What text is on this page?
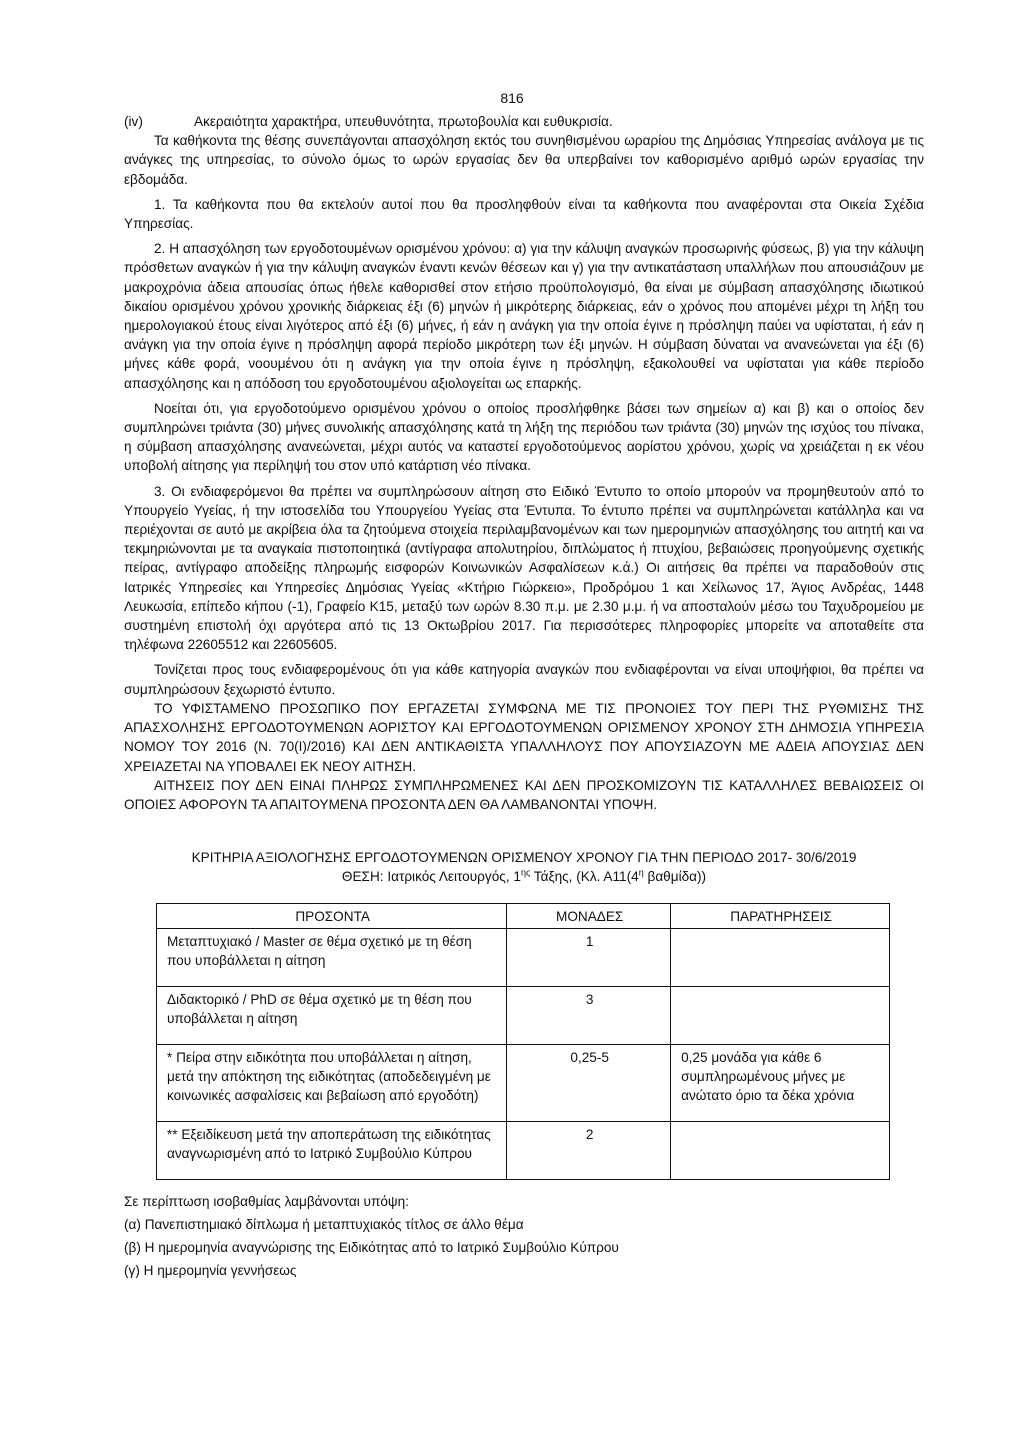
816
(iv)	Ακεραιότητα χαρακτήρα, υπευθυνότητα, πρωτοβουλία και ευθυκρισία.

Τα καθήκοντα της θέσης συνεπάγονται απασχόληση εκτός του συνηθισμένου ωραρίου της Δημόσιας Υπηρεσίας ανάλογα με τις ανάγκες της υπηρεσίας, το σύνολο όμως το ωρών εργασίας δεν θα υπερβαίνει τον καθορισμένο αριθμό ωρών εργασίας την εβδομάδα.

1. Τα καθήκοντα που θα εκτελούν αυτοί που θα προσληφθούν είναι τα καθήκοντα που αναφέρονται στα Οικεία Σχέδια Υπηρεσίας.

2. Η απασχόληση των εργοδοτουμένων ορισμένου χρόνου: α) για την κάλυψη αναγκών προσωρινής φύσεως, β) για την κάλυψη πρόσθετων αναγκών ή για την κάλυψη αναγκών έναντι κενών θέσεων και γ) για την αντικατάσταση υπαλλήλων που απουσιάζουν με μακροχρόνια άδεια απουσίας όπως ήθελε καθορισθεί στον ετήσιο προϋπολογισμό, θα είναι με σύμβαση απασχόλησης ιδιωτικού δικαίου ορισμένου χρόνου χρονικής διάρκειας έξι (6) μηνών ή μικρότερης διάρκειας, εάν ο χρόνος που απομένει μέχρι τη λήξη του ημερολογιακού έτους είναι λιγότερος από έξι (6) μήνες, ή εάν η ανάγκη για την οποία έγινε η πρόσληψη παύει να υφίσταται, ή εάν η ανάγκη για την οποία έγινε η πρόσληψη αφορά περίοδο μικρότερη των έξι μηνών. Η σύμβαση δύναται να ανανεώνεται για έξι (6) μήνες κάθε φορά, νοουμένου ότι η ανάγκη για την οποία έγινε η πρόσληψη, εξακολουθεί να υφίσταται για κάθε περίοδο απασχόλησης και η απόδοση του εργοδοτουμένου αξιολογείται ως επαρκής.

Νοείται ότι, για εργοδοτούμενο ορισμένου χρόνου ο οποίος προσλήφθηκε βάσει των σημείων α) και β) και ο οποίος δεν συμπληρώνει τριάντα (30) μήνες συνολικής απασχόλησης κατά τη λήξη της περιόδου των τριάντα (30) μηνών της ισχύος του πίνακα, η σύμβαση απασχόλησης ανανεώνεται, μέχρι αυτός να καταστεί εργοδοτούμενος αορίστου χρόνου, χωρίς να χρειάζεται η εκ νέου υποβολή αίτησης για περίληψή του στον υπό κατάρτιση νέο πίνακα.

3. Οι ενδιαφερόμενοι θα πρέπει να συμπληρώσουν αίτηση στο Ειδικό Έντυπο το οποίο μπορούν να προμηθευτούν από το Υπουργείο Υγείας, ή την ιστοσελίδα του Υπουργείου Υγείας στα Έντυπα. Το έντυπο πρέπει να συμπληρώνεται κατάλληλα και να περιέχονται σε αυτό με ακρίβεια όλα τα ζητούμενα στοιχεία περιλαμβανομένων και των ημερομηνιών απασχόλησης του αιτητή και να τεκμηριώνονται με τα αναγκαία πιστοποιητικά (αντίγραφα απολυτηρίου, διπλώματος ή πτυχίου, βεβαιώσεις προηγούμενης σχετικής πείρας, αντίγραφο αποδείξης πληρωμής εισφορών Κοινωνικών Ασφαλίσεων κ.ά.) Οι αιτήσεις θα πρέπει να παραδοθούν στις Ιατρικές Υπηρεσίες και Υπηρεσίες Δημόσιας Υγείας «Κτήριο Γιώρκειο», Προδρόμου 1 και Χείλωνος 17, Άγιος Ανδρέας, 1448 Λευκωσία, επίπεδο κήπου (-1), Γραφείο Κ15, μεταξύ των ωρών 8.30 π.μ. με 2.30 μ.μ. ή να αποσταλούν μέσω του Ταχυδρομείου με συστημένη επιστολή όχι αργότερα από τις 13 Οκτωβρίου 2017. Για περισσότερες πληροφορίες μπορείτε να αποταθείτε στα τηλέφωνα 22605512 και 22605605.

Τονίζεται προς τους ενδιαφερομένους ότι για κάθε κατηγορία αναγκών που ενδιαφέρονται να είναι υποψήφιοι, θα πρέπει να συμπληρώσουν ξεχωριστό έντυπο.

ΤΟ ΥΦΙΣΤΑΜΕΝΟ ΠΡΟΣΩΠΙΚΟ ΠΟΥ ΕΡΓΑΖΕΤΑΙ ΣΥΜΦΩΝΑ ΜΕ ΤΙΣ ΠΡΟΝΟΙΕΣ ΤΟΥ ΠΕΡΙ ΤΗΣ ΡΥΘΜΙΣΗΣ ΤΗΣ ΑΠΑΣΧΟΛΗΣΗΣ ΕΡΓΟΔΟΤΟΥΜΕΝΩΝ ΑΟΡΙΣΤΟΥ ΚΑΙ ΕΡΓΟΔΟΤΟΥΜΕΝΩΝ ΟΡΙΣΜΕΝΟΥ ΧΡΟΝΟΥ ΣΤΗ ΔΗΜΟΣΙΑ ΥΠΗΡΕΣΙΑ ΝΟΜΟΥ ΤΟΥ 2016 (Ν. 70(Ι)/2016) ΚΑΙ ΔΕΝ ΑΝΤΙΚΑΘΙΣΤΑ ΥΠΑΛΛΗΛΟΥΣ ΠΟΥ ΑΠΟΥΣΙΑΖΟΥΝ ΜΕ ΑΔΕΙΑ ΑΠΟΥΣΙΑΣ ΔΕΝ ΧΡΕΙΑΖΕΤΑΙ ΝΑ ΥΠΟΒΑΛΕΙ ΕΚ ΝΕΟΥ ΑΙΤΗΣΗ.

ΑΙΤΗΣΕΙΣ ΠΟΥ ΔΕΝ ΕΙΝΑΙ ΠΛΗΡΩΣ ΣΥΜΠΛΗΡΩΜΕΝΕΣ ΚΑΙ ΔΕΝ ΠΡΟΣΚΟΜΙΖΟΥΝ ΤΙΣ ΚΑΤΑΛΛΗΛΕΣ ΒΕΒΑΙΩΣΕΙΣ ΟΙ ΟΠΟΙΕΣ ΑΦΟΡΟΥΝ ΤΑ ΑΠΑΙΤΟΥΜΕΝΑ ΠΡΟΣΟΝΤΑ ΔΕΝ ΘΑ ΛΑΜΒΑΝΟΝΤΑΙ ΥΠΟΨΗ.

ΚΡΙΤΗΡΙΑ ΑΞΙΟΛΟΓΗΣΗΣ ΕΡΓΟΔΟΤΟΥΜΕΝΩΝ ΟΡΙΣΜΕΝΟΥ ΧΡΟΝΟΥ ΓΙΑ ΤΗΝ ΠΕΡΙΟΔΟ 2017- 30/6/2019

ΘΕΣΗ: Ιατρικός Λειτουργός, $1^{\eta\varsigma}$ Τάξης, (Κλ. $A11(4^\eta$ βαθμίδα))

ΠΡΟΣΟΝΤΑ	ΜΟΝΑΔΕΣ	ΠΑΡΑΤΗΡΗΣΕΙΣ
Μεταπτυχιακό / Master σε θέμα σχετικό με τη θέση που υποβάλλεται η αίτηση	1	
Διδακτορικό / PhD σε θέμα σχετικό με τη θέση που υποβάλλεται η αίτηση	3	
* Πείρα στην ειδικότητα που υποβάλλεται η αίτηση, μετά την απόκτηση της ειδικότητας (αποδεδειγμένη με κοινωνικές ασφαλίσεις και βεβαίωση από εργοδότη)	0,25-5	0,25 μονάδα για κάθε 6 συμπληρωμένους μήνες με ανώτατο όριο τα δέκα χρόνια
** Εξειδίκευση μετά την αποπεράτωση της ειδικότητας αναγνωρισμένη από το Ιατρικό Συμβούλιο Κύπρου	2	

Σε περίπτωση ισοβαθμίας λαμβάνονται υπόψη:

(α) Πανεπιστημιακό δίπλωμα ή μεταπτυχιακός τίτλος σε άλλο θέμα

(β) Η ημερομηνία αναγνώρισης της Ειδικότητας από το Ιατρικό Συμβούλιο Κύπρου

(γ) Η ημερομηνία γεννήσεως
